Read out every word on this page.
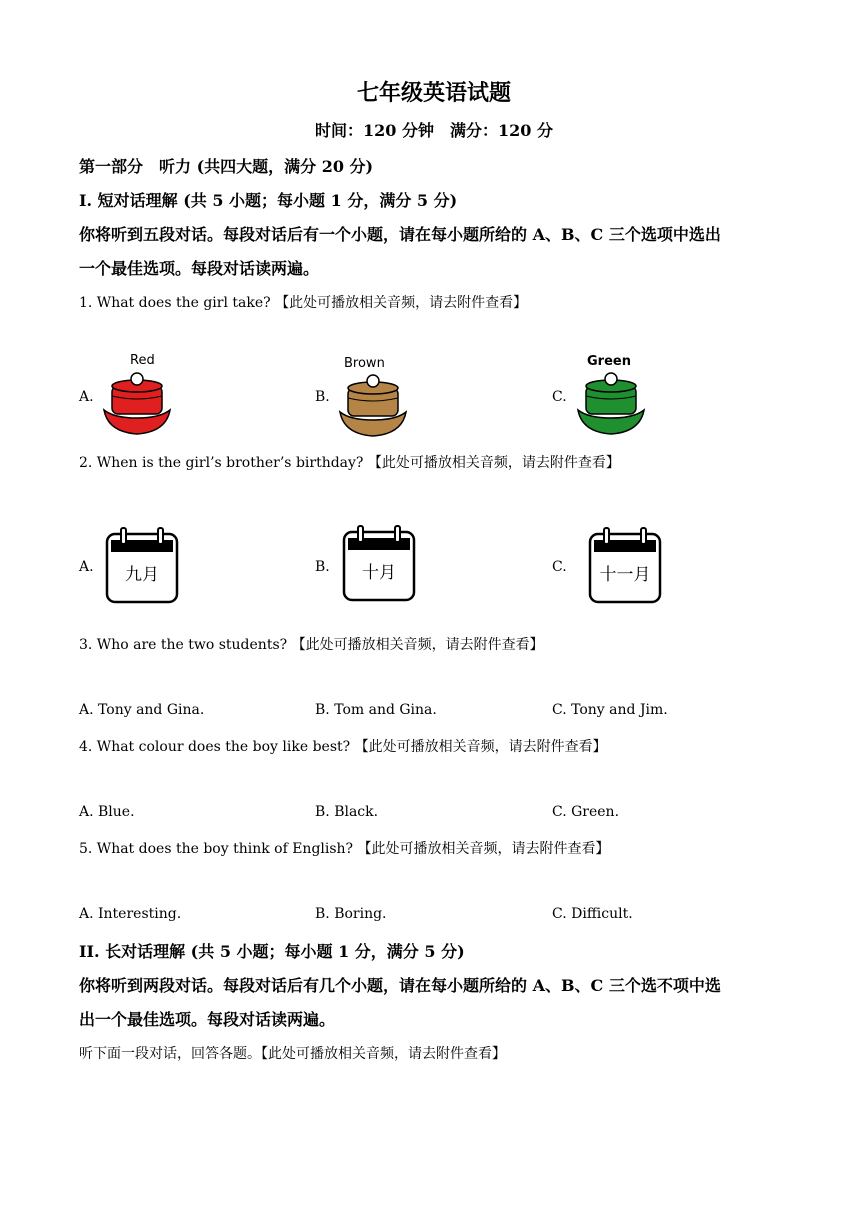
七年级英语试题
时间：120 分钟　满分：120 分
第一部分　听力 (共四大题，满分 20 分)
I. 短对话理解 (共 5 小题；每小题 1 分，满分 5 分)
你将听到五段对话。每段对话后有一个小题，请在每小题所给的 A、B、C 三个选项中选出
一个最佳选项。每段对话读两遍。
1. What does the girl take? 【此处可播放相关音频，请去附件查看】
A.	B.	C.
Red	Brown	Green
2. When is the girl’s brother’s birthday? 【此处可播放相关音频，请去附件查看】
A.	B.	C.
九月	十月	十一月
3. Who are the two students? 【此处可播放相关音频，请去附件查看】
A. Tony and Gina.	B. Tom and Gina.	C. Tony and Jim.
4. What colour does the boy like best? 【此处可播放相关音频，请去附件查看】
A. Blue.	B. Black.	C. Green.
5. What does the boy think of English? 【此处可播放相关音频，请去附件查看】
A. Interesting.	B. Boring.	C. Difficult.
II. 长对话理解 (共 5 小题；每小题 1 分，满分 5 分)
你将听到两段对话。每段对话后有几个小题，请在每小题所给的 A、B、C 三个选不项中选
出一个最佳选项。每段对话读两遍。
听下面一段对话，回答各题。【此处可播放相关音频，请去附件查看】
